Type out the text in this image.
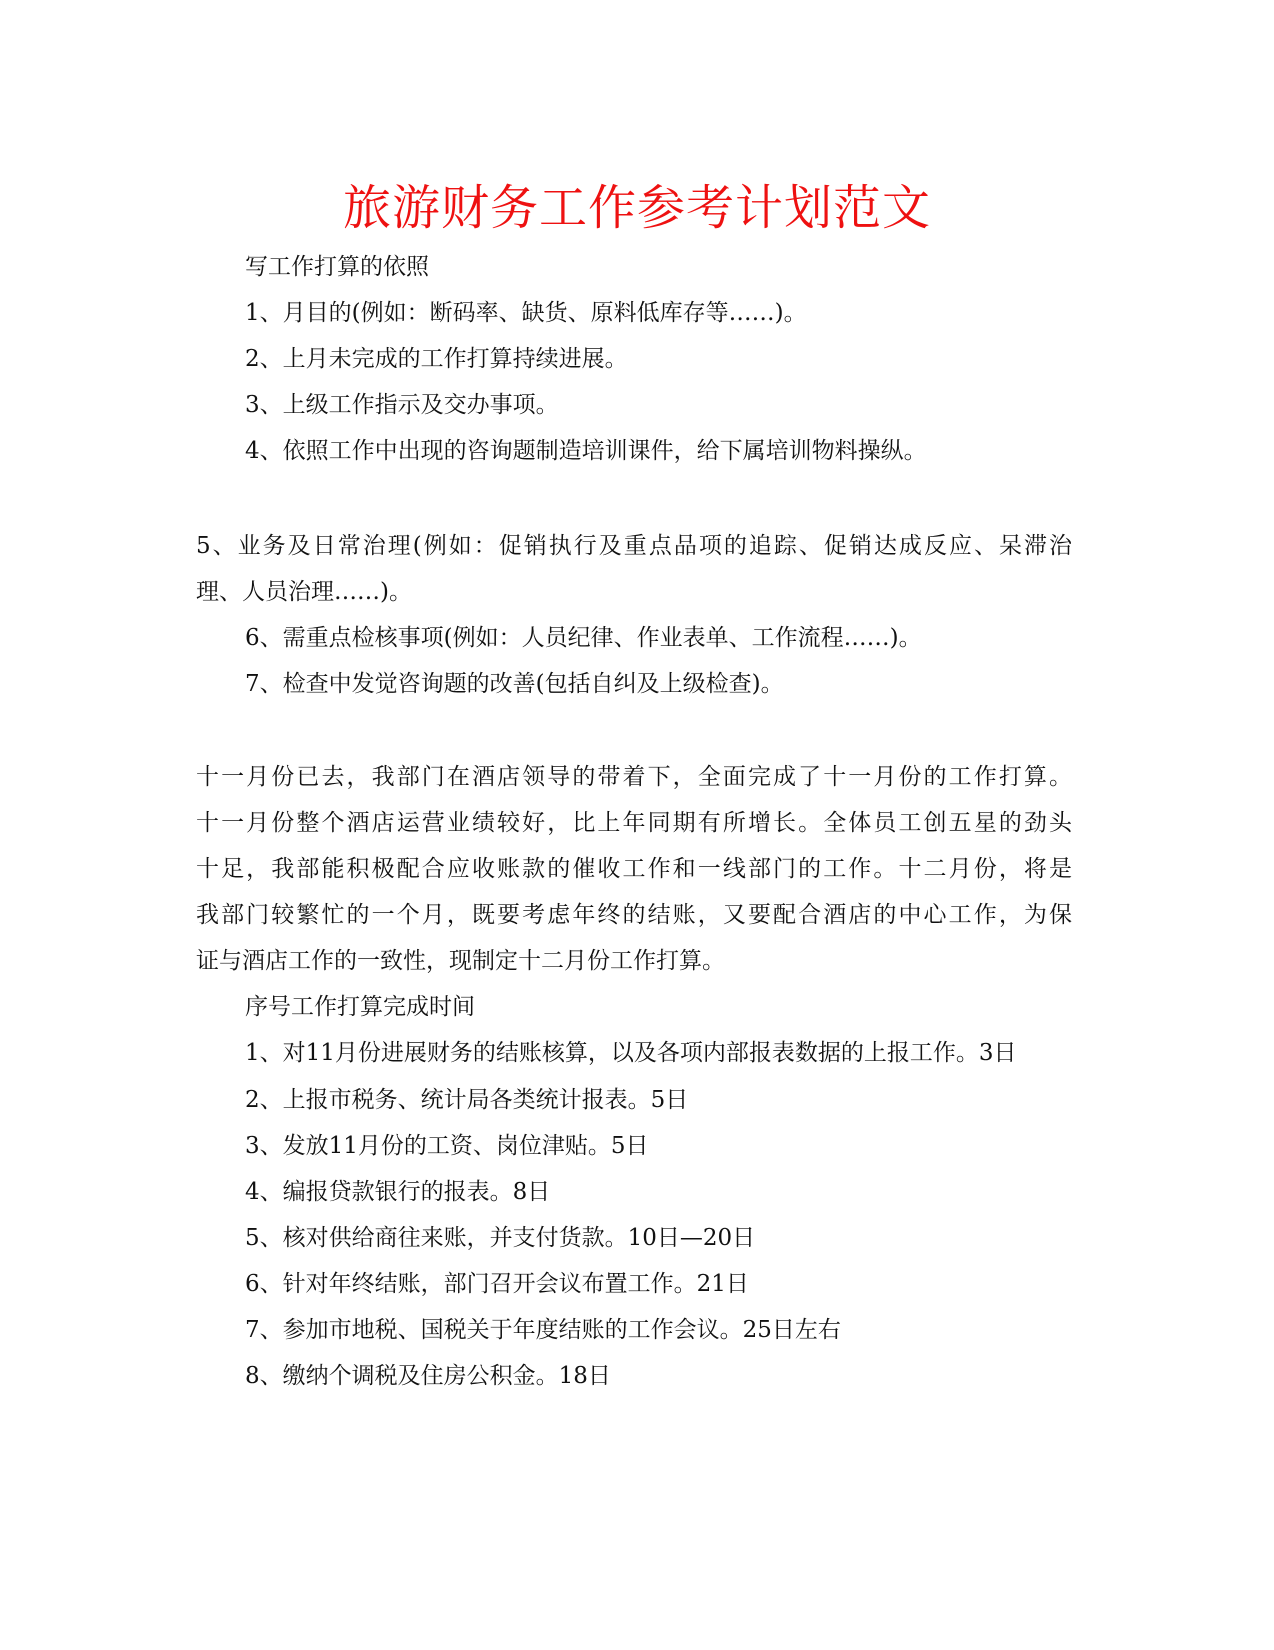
旅游财务工作参考计划范文
写工作打算的依照
1、月目的(例如：断码率、缺货、原料低库存等……)。
2、上月未完成的工作打算持续进展。
3、上级工作指示及交办事项。
4、依照工作中出现的咨询题制造培训课件，给下属培训物料操纵。
5、业务及日常治理(例如：促销执行及重点品项的追踪、促销达成反应、呆滞治
理、人员治理……)。
6、需重点检核事项(例如：人员纪律、作业表单、工作流程……)。
7、检查中发觉咨询题的改善(包括自纠及上级检查)。
十一月份已去，我部门在酒店领导的带着下，全面完成了十一月份的工作打算。
十一月份整个酒店运营业绩较好，比上年同期有所增长。全体员工创五星的劲头
十足，我部能积极配合应收账款的催收工作和一线部门的工作。十二月份，将是
我部门较繁忙的一个月，既要考虑年终的结账，又要配合酒店的中心工作，为保
证与酒店工作的一致性，现制定十二月份工作打算。
序号工作打算完成时间
1、对11月份进展财务的结账核算，以及各项内部报表数据的上报工作。3日
2、上报市税务、统计局各类统计报表。5日
3、发放11月份的工资、岗位津贴。5日
4、编报贷款银行的报表。8日
5、核对供给商往来账，并支付货款。10日—20日
6、针对年终结账，部门召开会议布置工作。21日
7、参加市地税、国税关于年度结账的工作会议。25日左右
8、缴纳个调税及住房公积金。18日
